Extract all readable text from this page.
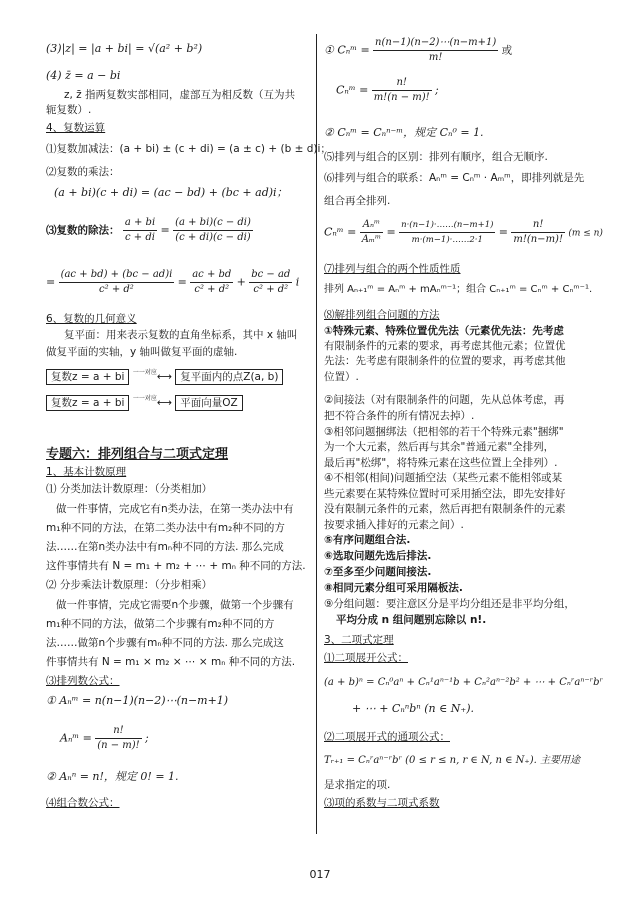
(3)|z| = |a + bi| = √(a² + b²)
(4) z̄ = a − bi
z, z̄ 指两复数实部相同，虚部互为相反数（互为共
轭复数）.
4、复数运算
⑴复数加减法：(a + bi) ± (c + di) = (a ± c) + (b ± d)i；
⑵复数的乘法：
(a + bi)(c + di) = (ac − bd) + (bc + ad)i；
⑶复数的除法： $\frac{a + bi}{c + di} = \frac{(a + bi)(c - di)}{(c + di)(c - di)}$
= $\frac{(ac + bd) + (bc - ad)i}{\text{c² + d²}} = \frac{ac + bd}{\text{c² + d²}} + \frac{bc - ad}{\text{c² + d²}}$ i
6、复数的几何意义
复平面：用来表示复数的直角坐标系，其中 x 轴叫
做复平面的实轴，y 轴叫做复平面的虚轴.
复数z = a + bi $^{一一对应}$⟷ 复平面内的点Z(a, b)
复数z = a + bi $^{一一对应}$⟷ 平面向量OZ
专题六：排列组合与二项式定理
1、基本计数原理
⑴ 分类加法计数原理：（分类相加）
做一件事情，完成它有n类办法，在第一类办法中有
m₁种不同的方法，在第二类办法中有m₂种不同的方
法……在第n类办法中有mₙ种不同的方法. 那么完成
这件事情共有 N = m₁ + m₂ + ⋯ + mₙ 种不同的方法.
⑵ 分步乘法计数原理：（分步相乘）
做一件事情，完成它需要n个步骤，做第一个步骤有
m₁种不同的方法，做第二个步骤有m₂种不同的方
法……做第n个步骤有mₙ种不同的方法. 那么完成这
件事情共有 N = m₁ × m₂ × ⋯ × mₙ 种不同的方法.
⑶排列数公式：
① Aₙᵐ = n(n−1)(n−2)⋯(n−m+1)
Aₙᵐ = $\frac{n!}{(n - m)!}$ ;
② Aₙⁿ = n!，规定 0! = 1.
⑷组合数公式：
① Cₙᵐ = $\frac{n(n-1)(n-2)\cdots(n-m+1)}{m!}$ 或
Cₙᵐ = $\frac{n!}{m!(n - m)!}$ ;
② Cₙᵐ = Cₙⁿ⁻ᵐ，规定 Cₙ⁰ = 1.
⑸排列与组合的区别：排列有顺序，组合无顺序.
⑹排列与组合的联系：Aₙᵐ = Cₙᵐ · Aₘᵐ，即排列就是先
组合再全排列.
Cₙᵐ = $\frac{\text{Aₙᵐ}}{\text{Aₘᵐ}} = \frac{n\cdot(n-1)\cdot\dots\dots(n-m+1)}{m\cdot(m-1)\cdot\dots\dots 2\cdot 1} = \frac{n!}{m!(n-m)!} (m \le n)$
⑺排列与组合的两个性质性质
排列 Aₙ₊₁ᵐ = Aₙᵐ + mAₙᵐ⁻¹；组合 Cₙ₊₁ᵐ = Cₙᵐ + Cₙᵐ⁻¹.
⑻解排列组合问题的方法
①特殊元素、特殊位置优先法（元素优先法：先考虑
有限制条件的元素的要求，再考虑其他元素；位置优
先法：先考虑有限制条件的位置的要求，再考虑其他
位置）.
②间接法（对有限制条件的问题，先从总体考虑，再
把不符合条件的所有情况去掉）.
③相邻问题捆绑法（把相邻的若干个特殊元素"捆绑"
为一个大元素，然后再与其余"普通元素"全排列，
最后再"松绑"，将特殊元素在这些位置上全排列）.
④不相邻(相间)问题插空法（某些元素不能相邻或某
些元素要在某特殊位置时可采用插空法，即先安排好
没有限制元条件的元素，然后再把有限制条件的元素
按要求插入排好的元素之间）.
⑤有序问题组合法.
⑥选取问题先选后排法.
⑦至多至少问题间接法.
⑧相同元素分组可采用隔板法.
⑨分组问题：要注意区分是平均分组还是非平均分组，
平均分成 n 组问题别忘除以 n!.
3、二项式定理
⑴二项展开公式：
(a + b)ⁿ = Cₙ⁰aⁿ + Cₙ¹aⁿ⁻¹b + Cₙ²aⁿ⁻²b² + ⋯ + Cₙʳaⁿ⁻ʳbʳ
+ ⋯ + Cₙⁿbⁿ (n ∈ N₊).
⑵二项展开式的通项公式：
Tᵣ₊₁ = Cₙʳaⁿ⁻ʳbʳ (0 ≤ r ≤ n, r ∈ N, n ∈ N₊). 主要用途
是求指定的项.
⑶项的系数与二项式系数
017
